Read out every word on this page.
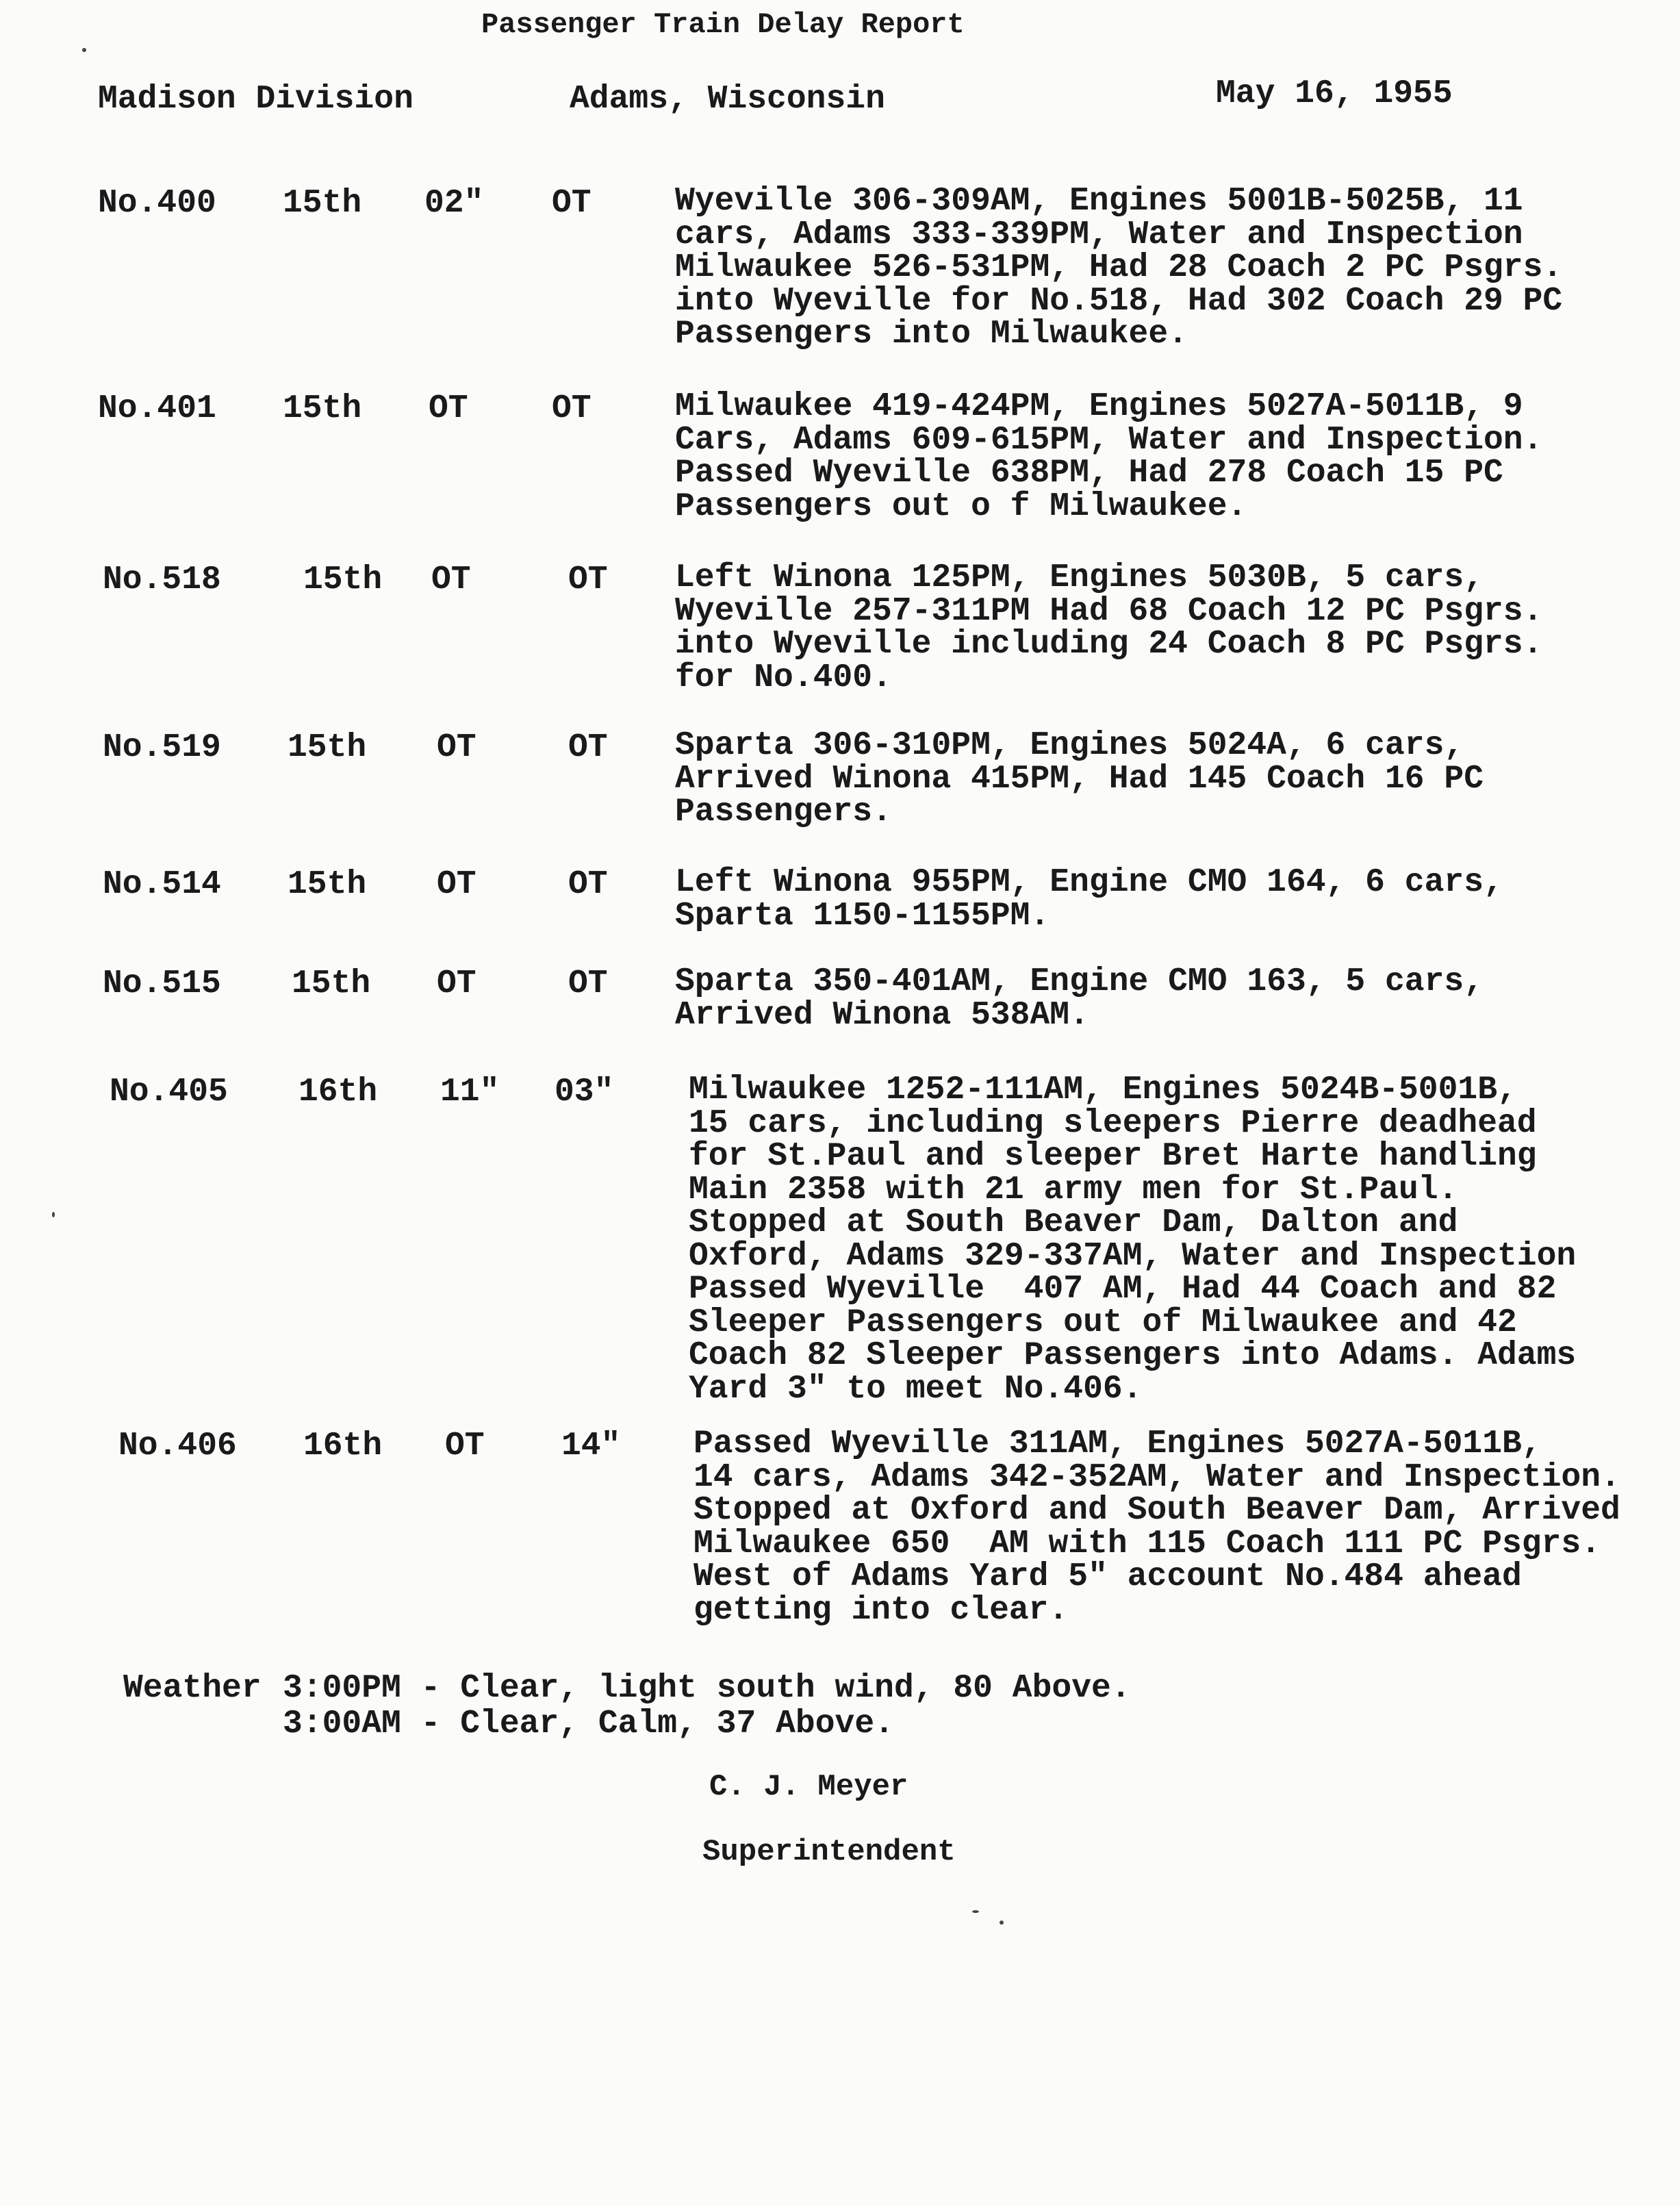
Passenger Train Delay Report
Madison Division	Adams, Wisconsin	May 16, 1955
No.400 15th 02" OT	Wyeville 306-309AM, Engines 5001B-5025B, 11
cars, Adams 333-339PM, Water and Inspection
Milwaukee 526-531PM, Had 28 Coach 2 PC Psgrs.
into Wyeville for No.518, Had 302 Coach 29 PC
Passengers into Milwaukee.
No.401 15th OT	OT	Milwaukee 419-424PM, Engines 5027A-5011B, 9
Cars, Adams 609-615PM, Water and Inspection.
Passed Wyeville 638PM, Had 278 Coach 15 PC
Passengers out o f Milwaukee.
No.518	15th OT	OT Left Winona 125PM, Engines 5030B, 5 cars,
Wyeville 257-311PM Had 68 Coach 12 PC Psgrs.
into Wyeville including 24 Coach 8 PC Psgrs.
for No.400.
No.519 15th OT	OT Sparta 306-310PM, Engines 5024A, 6 cars,
Arrived Winona 415PM, Had 145 Coach 16 PC
Passengers.
No.514 15th OT	OT Left Winona 955PM, Engine CMO 164, 6 cars,
Sparta 1150-1155PM.
No.515 15th OT	OT Sparta 350-401AM, Engine CMO 163, 5 cars,
Arrived Winona 538AM.
No.405 16th 11" 03" Milwaukee 1252-111AM, Engines 5024B-5001B,
15 cars, including sleepers Pierre deadhead
for St.Paul and sleeper Bret Harte handling
Main 2358 with 21 army men for St.Paul.
Stopped at South Beaver Dam, Dalton and
Oxford, Adams 329-337AM, Water and Inspection
Passed Wyeville  407 AM, Had 44 Coach and 82
Sleeper Passengers out of Milwaukee and 42
Coach 82 Sleeper Passengers into Adams. Adams
Yard 3" to meet No.406.
No.406 16th OT 14" Passed Wyeville 311AM, Engines 5027A-5011B,
14 cars, Adams 342-352AM, Water and Inspection.
Stopped at Oxford and South Beaver Dam, Arrived
Milwaukee 650  AM with 115 Coach 111 PC Psgrs.
West of Adams Yard 5" account No.484 ahead
getting into clear.
Weather 3:00PM - Clear, light south wind, 80 Above.
3:00AM - Clear, Calm, 37 Above.
C. J. Meyer
Superintendent
